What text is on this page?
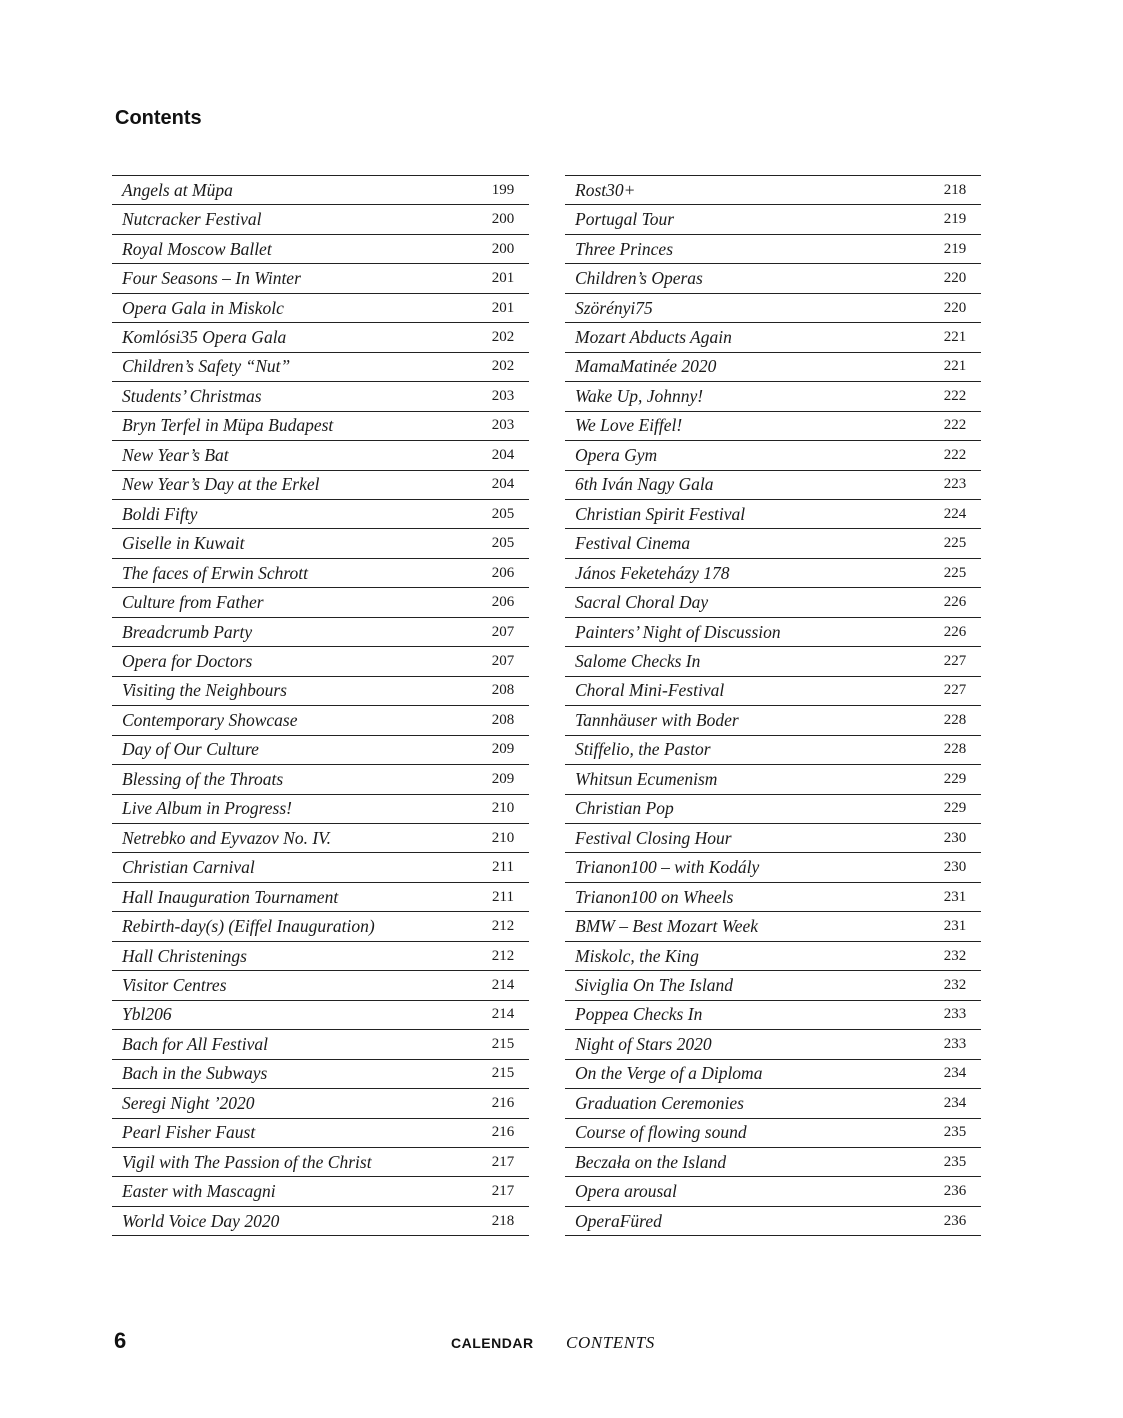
Contents
Angels at Müpa	199
Nutcracker Festival	200
Royal Moscow Ballet	200
Four Seasons – In Winter	201
Opera Gala in Miskolc	201
Komlósi35 Opera Gala	202
Children’s Safety “Nut”	202
Students’ Christmas	203
Bryn Terfel in Müpa Budapest	203
New Year’s Bat	204
New Year’s Day at the Erkel	204
Boldi Fifty	205
Giselle in Kuwait	205
The faces of Erwin Schrott	206
Culture from Father	206
Breadcrumb Party	207
Opera for Doctors	207
Visiting the Neighbours	208
Contemporary Showcase	208
Day of Our Culture	209
Blessing of the Throats	209
Live Album in Progress!	210
Netrebko and Eyvazov No. IV.	210
Christian Carnival	211
Hall Inauguration Tournament	211
Rebirth-day(s) (Eiffel Inauguration)	212
Hall Christenings	212
Visitor Centres	214
Ybl206	214
Bach for All Festival	215
Bach in the Subways	215
Seregi Night ’2020	216
Pearl Fisher Faust	216
Vigil with The Passion of the Christ	217
Easter with Mascagni	217
World Voice Day 2020	218
Rost30+	218
Portugal Tour	219
Three Princes	219
Children’s Operas	220
Szörényi75	220
Mozart Abducts Again	221
MamaMatinée 2020	221
Wake Up, Johnny!	222
We Love Eiffel!	222
Opera Gym	222
6th Iván Nagy Gala	223
Christian Spirit Festival	224
Festival Cinema	225
János Feketeházy 178	225
Sacral Choral Day	226
Painters’ Night of Discussion	226
Salome Checks In	227
Choral Mini-Festival	227
Tannhäuser with Boder	228
Stiffelio, the Pastor	228
Whitsun Ecumenism	229
Christian Pop	229
Festival Closing Hour	230
Trianon100 – with Kodály	230
Trianon100 on Wheels	231
BMW – Best Mozart Week	231
Miskolc, the King	232
Siviglia On The Island	232
Poppea Checks In	233
Night of Stars 2020	233
On the Verge of a Diploma	234
Graduation Ceremonies	234
Course of flowing sound	235
Beczała on the Island	235
Opera arousal	236
OperaFüred	236
6	CALENDAR CONTENTS
